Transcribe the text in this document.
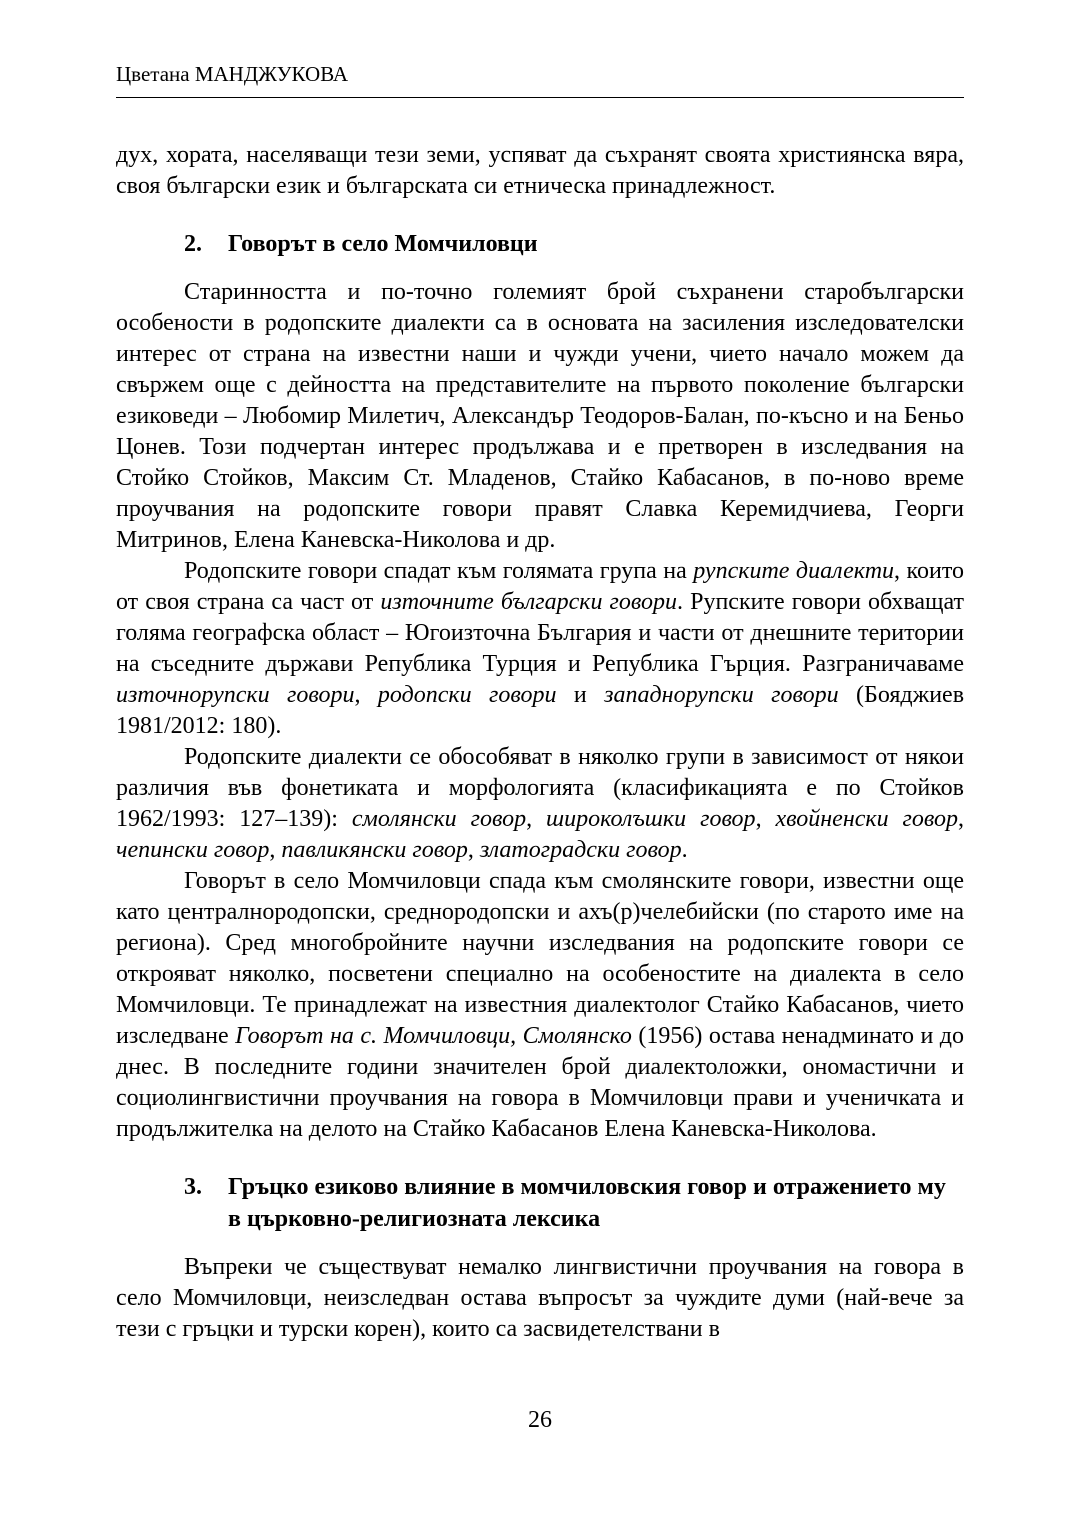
Цветана МАНДЖУКОВА

дух, хората, населяващи тези земи, успяват да съхранят своята християнска вяра, своя български език и българската си етническа принадлежност.

2.	Говорът в село Момчиловци

Старинността и по-точно големият брой съхранени старобългарски особености в родопските диалекти са в основата на засиления изследователски интерес от страна на известни наши и чужди учени, чието начало можем да свържем още с дейността на представителите на първото поколение български езиковеди – Любомир Милетич, Александър Теодоров-Балан, по-късно и на Беньо Цонев. Този подчертан интерес продължава и е претворен в изследвания на Стойко Стойков, Максим Ст. Младенов, Стайко Кабасанов, в по-ново време проучвания на родопските говори правят Славка Керемидчиева, Георги Митринов, Елена Каневска-Николова и др.

Родопските говори спадат към голямата група на рупските диалекти, които от своя страна са част от източните български говори. Рупските говори обхващат голяма географска област – Югоизточна България и части от днешните територии на съседните държави Република Турция и Република Гърция. Разграничаваме източнорупски говори, родопски говори и западнорупски говори (Бояджиев 1981/2012: 180).

Родопските диалекти се обособяват в няколко групи в зависимост от някои различия във фонетиката и морфологията (класификацията е по Стойков 1962/1993: 127–139): смолянски говор, широколъшки говор, хвойненски говор, чепински говор, павликянски говор, златоградски говор.

Говорът в село Момчиловци спада към смолянските говори, известни още като централнородопски, среднородопски и ахъ(р)челебийски (по старото име на региона). Сред многобройните научни изследвания на родопските говори се открояват няколко, посветени специално на особеностите на диалекта в село Момчиловци. Те принадлежат на известния диалектолог Стайко Кабасанов, чието изследване Говорът на с. Момчиловци, Смолянско (1956) остава ненадминато и до днес. В последните години значителен брой диалектоложки, ономастични и социолингвистични проучвания на говора в Момчиловци прави и ученичката и продължителка на делото на Стайко Кабасанов Елена Каневска-Николова.

3.	Гръцко езиково влияние в момчиловския говор и отражението му в църковно-религиозната лексика

Въпреки че съществуват немалко лингвистични проучвания на говора в село Момчиловци, неизследван остава въпросът за чуждите думи (най-вече за тези с гръцки и турски корен), които са засвидетелствани в

26
